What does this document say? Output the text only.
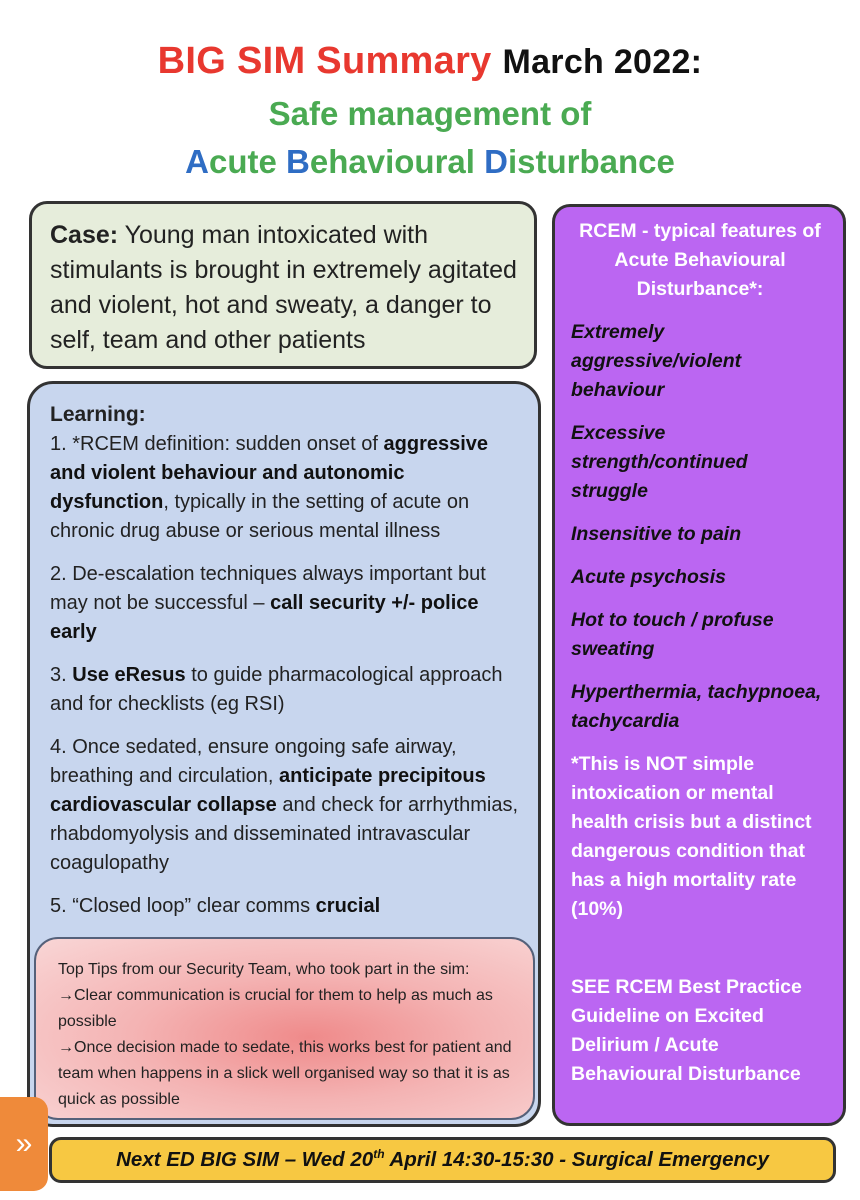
BIG SIM Summary March 2022:
Safe management of
Acute Behavioural Disturbance
Case: Young man intoxicated with stimulants is brought in extremely agitated and violent, hot and sweaty, a danger to self, team and other patients
Learning:

1. *RCEM definition: sudden onset of aggressive and violent behaviour and autonomic dysfunction, typically in the setting of acute on chronic drug abuse or serious mental illness

2. De-escalation techniques always important but may not be successful – call security +/- police early

3. Use eResus to guide pharmacological approach and for checklists (eg RSI)

4. Once sedated, ensure ongoing safe airway, breathing and circulation, anticipate precipitous cardiovascular collapse and check for arrhythmias, rhabdomyolysis and disseminated intravascular coagulopathy

5. “Closed loop” clear comms crucial

Top Tips from our Security Team, who took part in the sim:

→Clear communication is crucial for them to help as much as possible

→Once decision made to sedate, this works best for patient and team when happens in a slick well organised way so that it is as quick as possible

RCEM - typical features of Acute Behavioural Disturbance*:
Extremely aggressive/violent behaviour
Excessive strength/continued struggle
Insensitive to pain
Acute psychosis
Hot to touch / profuse sweating
Hyperthermia, tachypnoea, tachycardia
*This is NOT simple intoxication or mental health crisis but a distinct dangerous condition that has a high mortality rate (10%)
SEE RCEM Best Practice Guideline on Excited Delirium / Acute Behavioural Disturbance
»	Next ED BIG SIM – Wed 20th April 14:30-15:30 - Surgical Emergency
